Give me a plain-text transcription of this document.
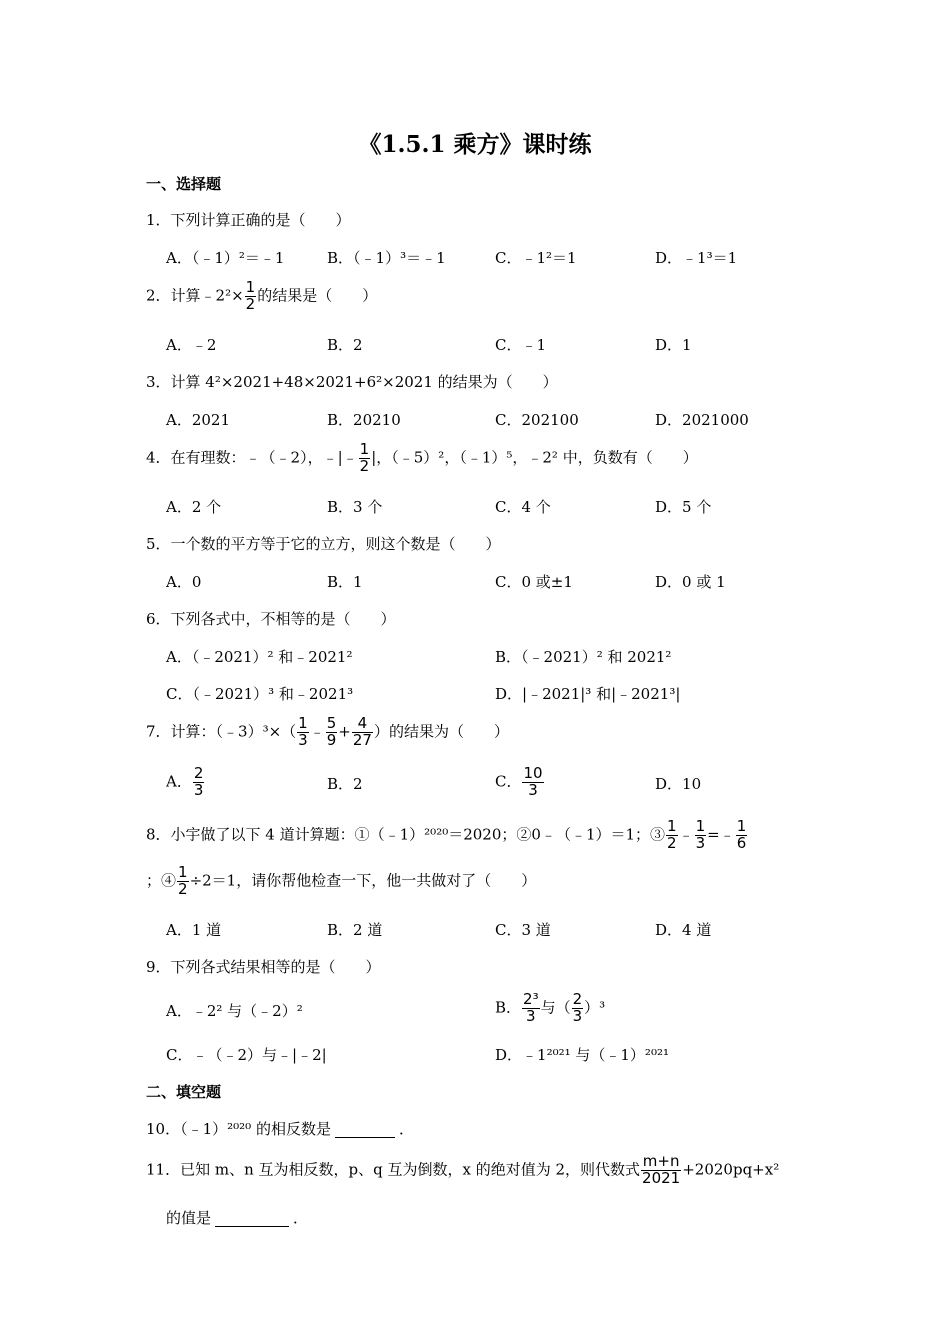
《1.5.1 乘方》课时练
一、选择题
1．下列计算正确的是（　　）
A．（﹣1）²＝﹣1	B．（﹣1）³＝﹣1	C．﹣1²＝1	D．﹣1³＝1
2．计算﹣2²× $\frac{1}{2}$ 的结果是（　　）
A．﹣2	B．2	C．﹣1	D．1
3．计算 4²×2021+48×2021+6²×2021 的结果为（　　）
A．2021	B．20210	C．202100	D．2021000
4．在有理数：﹣（﹣2），﹣|﹣ $\frac{1}{2}$ |，（﹣5）²，（﹣1）⁵，﹣2² 中，负数有（　　）
A．2 个	B．3 个	C．4 个	D．5 个
5．一个数的平方等于它的立方，则这个数是（　　）
A．0	B．1	C．0 或±1	D．0 或 1
6．下列各式中，不相等的是（　　）
A．（﹣2021）² 和﹣2021²	B．（﹣2021）² 和 2021²
C．（﹣2021）³ 和﹣2021³	D．|﹣2021|³ 和|﹣2021³|
7．计算：（﹣3）³×（ $\frac{1}{3}$ ﹣ $\frac{5}{9} + \frac{4}{27}$ ）的结果为（　　）
A． $\frac{2}{3}$	B．2	C． $\frac{10}{3}$	D．10
8．小宇做了以下 4 道计算题：①（﹣1）²⁰²⁰＝2020；②0﹣（﹣1）＝1；③ $\frac{1}{2}$ ﹣ $\frac{1}{3}$ =﹣ $\frac{1}{6}$
；④ $\frac{1}{2} \div 2=1$，请你帮他检查一下，他一共做对了（　　）
A．1 道	B．2 道	C．3 道	D．4 道
9．下列各式结果相等的是（　　）
A．﹣2² 与（﹣2）²	B． $\frac{\text{2³}}{3}$ 与（ $\frac{2}{3} )^3$
C．﹣（﹣2）与﹣|﹣2|	D．﹣1²⁰²¹ 与（﹣1）²⁰²¹
二、填空题
10．（﹣1）²⁰²⁰ 的相反数是	．
11．已知 m、n 互为相反数，p、q 互为倒数，x 的绝对值为 2，则代数式 $\frac{m+n}{2021} +2020pq+x^2$
的值是	．
